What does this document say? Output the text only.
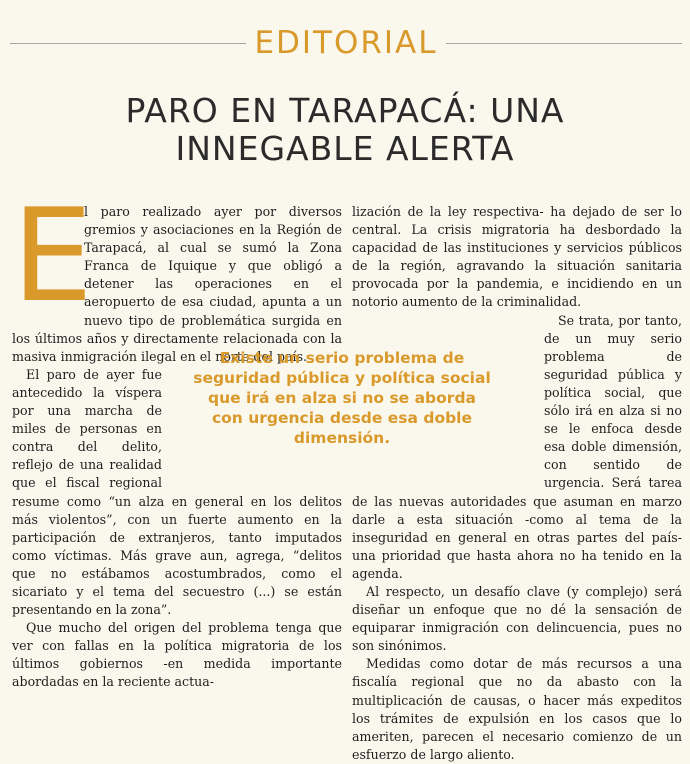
EDITORIAL
PARO EN TARAPACÁ: UNA INNEGABLE ALERTA
E

l paro realizado ayer por diversos gremios y asociaciones en la Región de Tarapacá, al cual se sumó la Zona Franca de Iquique y que obligó a detener las operaciones en el aeropuerto de esa ciudad, apunta a un nuevo tipo de problemática surgida en los últimos años y directamente relacionada con la masiva inmigración ilegal en el norte del país.

El paro de ayer fue antecedido la víspera por una marcha de miles de personas en contra del delito, reflejo de una realidad que el fiscal regional resume como “un alza en general en los delitos más violentos”, con un fuerte aumento en la participación de extranjeros, tanto imputados como víctimas. Más grave aun, agrega, “delitos que no estábamos acostumbrados, como el sicariato y el tema del secuestro (...) se están presentando en la zona”.

Que mucho del origen del problema tenga que ver con fallas en la política migratoria de los últimos gobiernos -en medida importante abordadas en la reciente actua-

lización de la ley respectiva- ha dejado de ser lo central. La crisis migratoria ha desbordado la capacidad de las instituciones y servicios públicos de la región, agravando la situación sanitaria provocada por la pandemia, e incidiendo en un notorio aumento de la criminalidad.

Se trata, por tanto, de un muy serio problema de seguridad pública y política social, que sólo irá en alza si no se le enfoca desde esa doble dimensión, con sentido de urgencia. Será tarea de las nuevas autoridades que asuman en marzo darle a esta situación -como al tema de la inseguridad en general en otras partes del país- una prioridad que hasta ahora no ha tenido en la agenda.

Al respecto, un desafío clave (y complejo) será diseñar un enfoque que no dé la sensación de equiparar inmigración con delincuencia, pues no son sinónimos.

Medidas como dotar de más recursos a una fiscalía regional que no da abasto con la multiplicación de causas, o hacer más expeditos los trámites de expulsión en los casos que lo ameriten, parecen el necesario comienzo de un esfuerzo de largo aliento.

Existe un serio problema de seguridad pública y política social que irá en alza si no se aborda con urgencia desde esa doble dimensión.
